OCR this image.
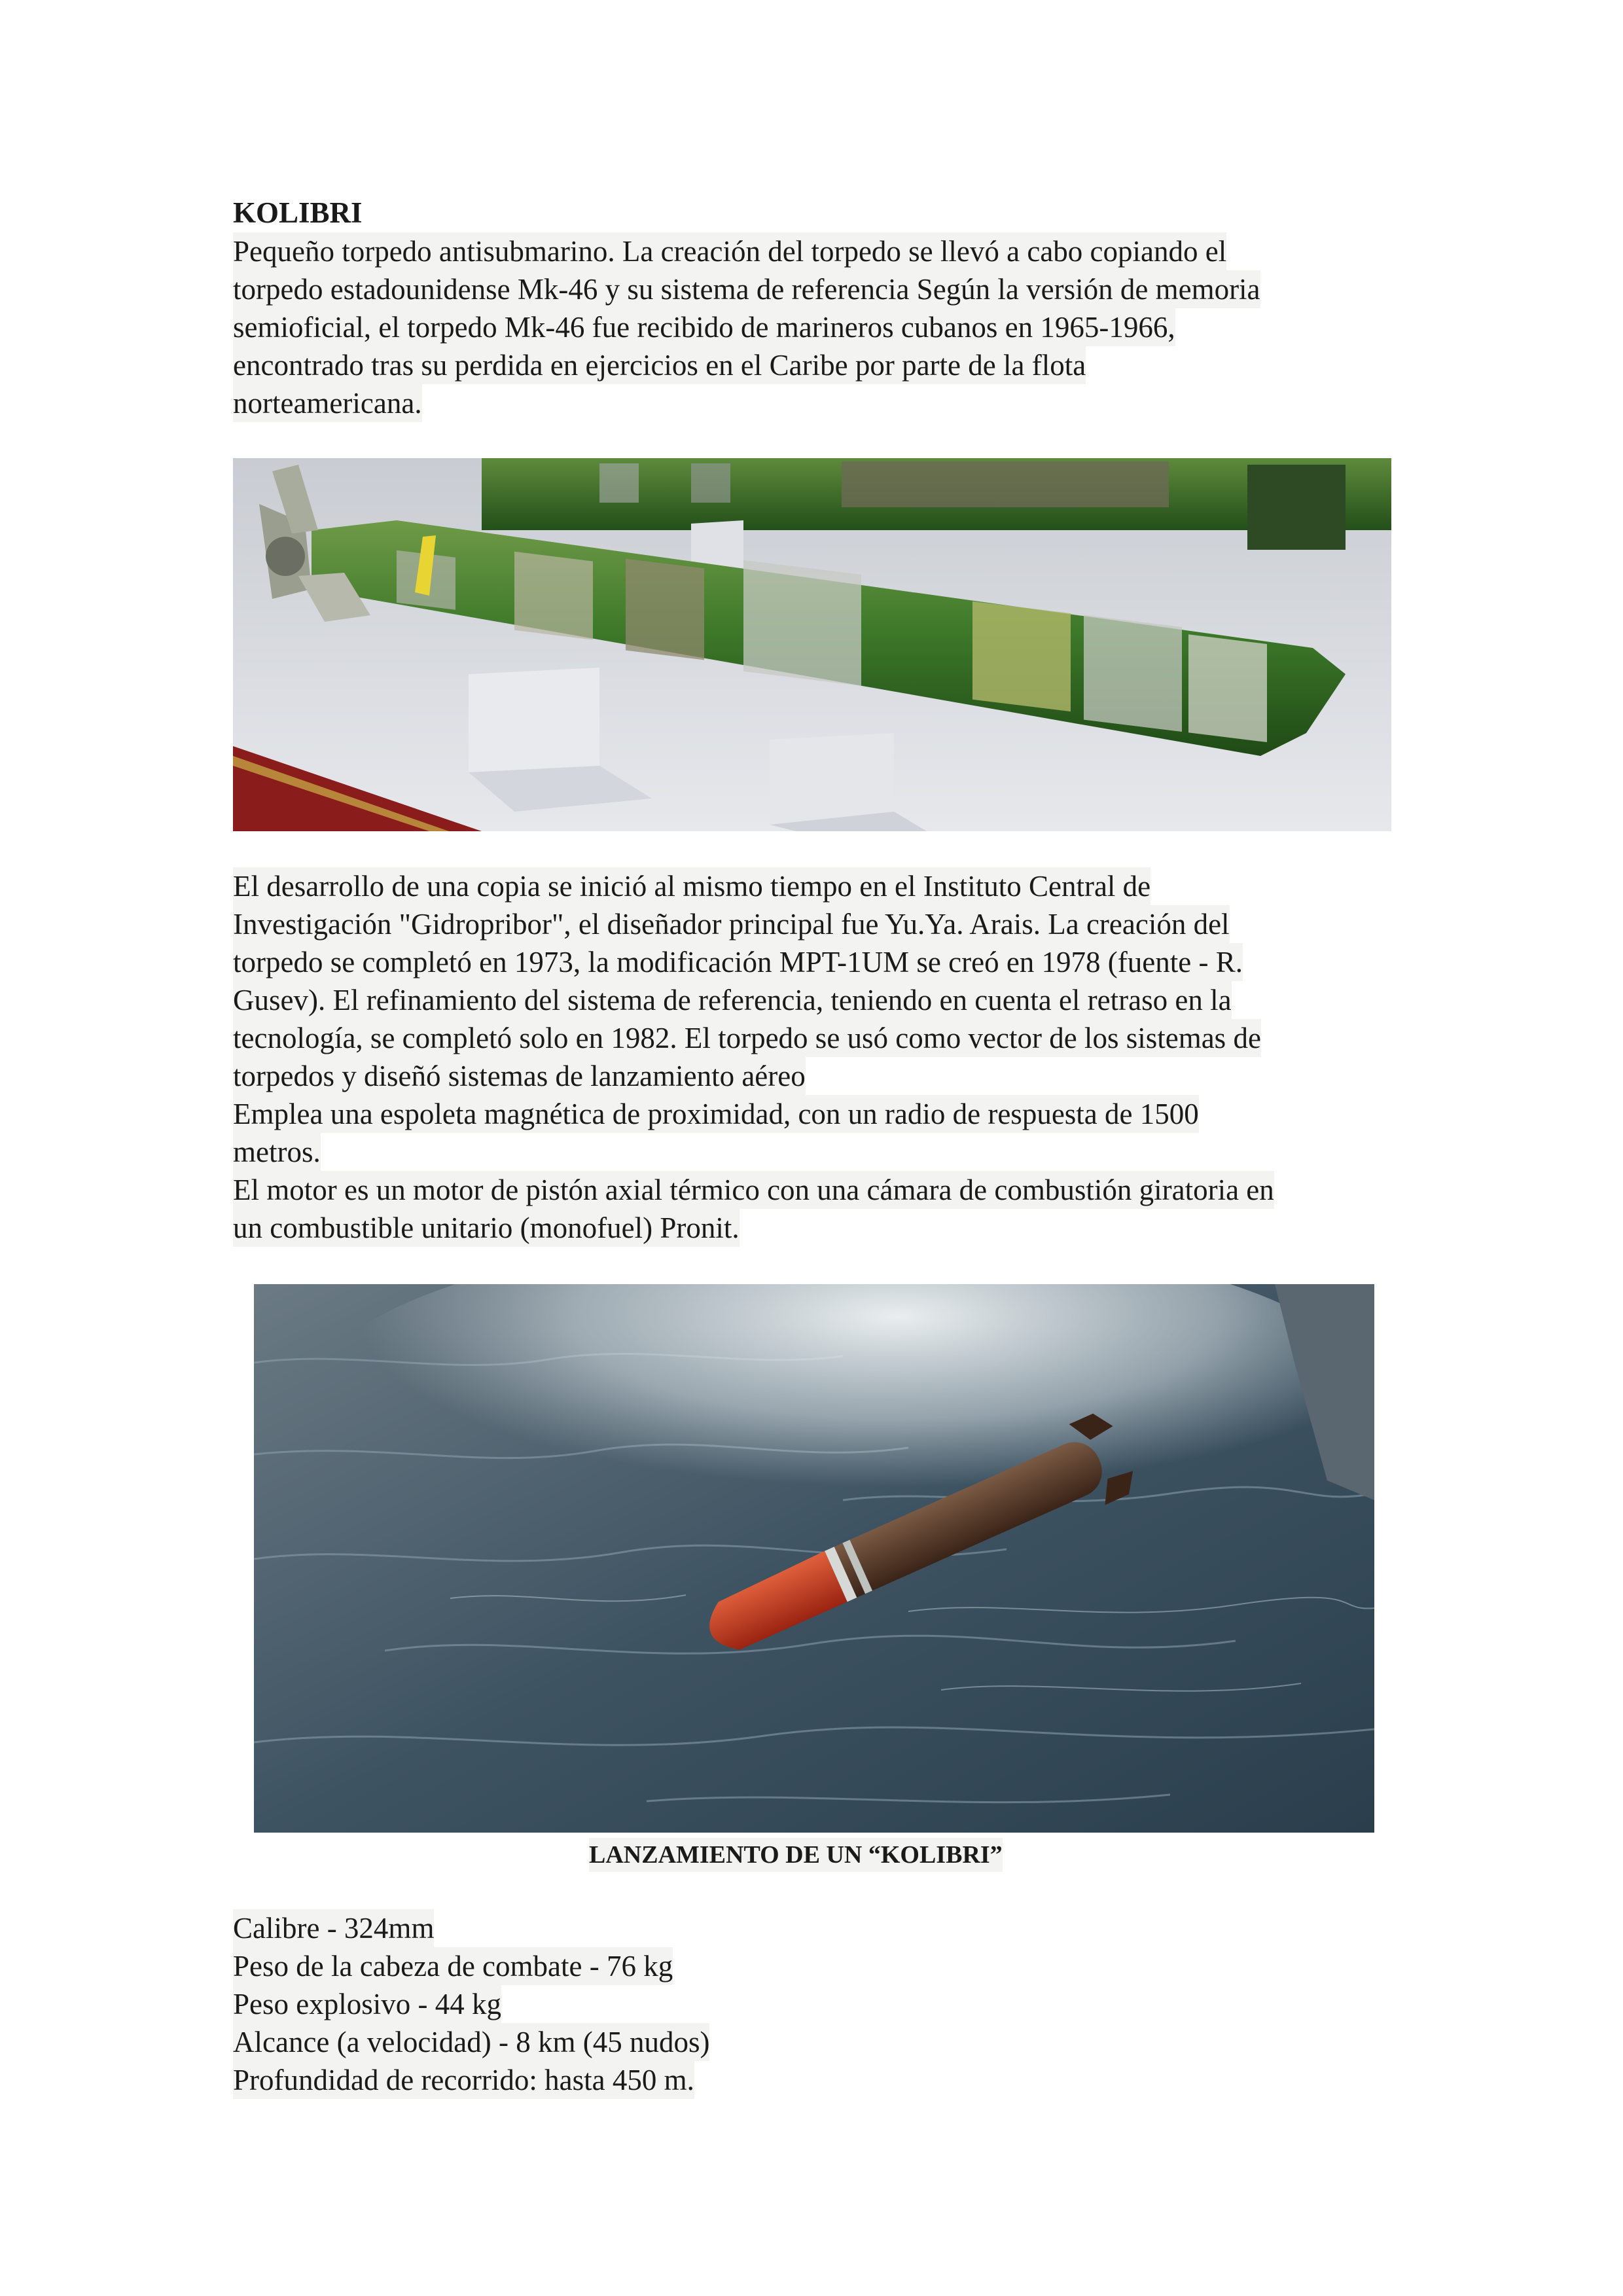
KOLIBRI
Pequeño torpedo antisubmarino. La creación del torpedo se llevó a cabo copiando el
torpedo estadounidense Mk-46 y su sistema de referencia Según la versión de memoria
semioficial, el torpedo Mk-46 fue recibido de marineros cubanos en 1965-1966,
encontrado tras su perdida en ejercicios en el Caribe por parte de la flota
norteamericana.
El desarrollo de una copia se inició al mismo tiempo en el Instituto Central de
Investigación "Gidropribor", el diseñador principal fue Yu.Ya. Arais. La creación del
torpedo se completó en 1973, la modificación MPT-1UM se creó en 1978 (fuente - R.
Gusev). El refinamiento del sistema de referencia, teniendo en cuenta el retraso en la
tecnología, se completó solo en 1982. El torpedo se usó como vector de los sistemas de
torpedos y diseñó sistemas de lanzamiento aéreo
Emplea una espoleta magnética de proximidad, con un radio de respuesta de 1500
metros.
El motor es un motor de pistón axial térmico con una cámara de combustión giratoria en
un combustible unitario (monofuel) Pronit.
LANZAMIENTO DE UN “KOLIBRI”
Calibre - 324mm
Peso de la cabeza de combate - 76 kg
Peso explosivo - 44 kg
Alcance (a velocidad) - 8 km (45 nudos)
Profundidad de recorrido: hasta 450 m.
